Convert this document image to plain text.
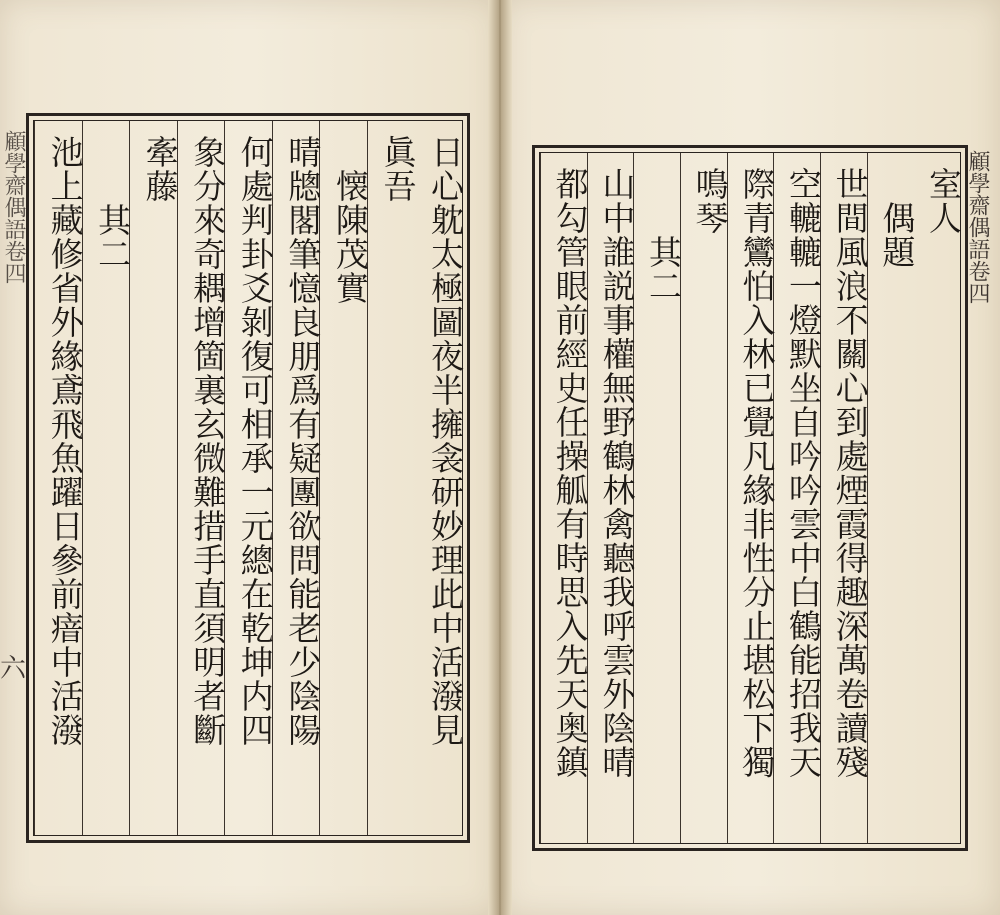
顧學齋偶語卷四
六	日心躭太極圖夜半擁衾研妙理此中活潑見
眞吾
　懐陳茂實
晴牕閣筆憶良朋爲有疑團欲問能老少陰陽
何處判卦爻剝復可相承一元總在乾坤内四
象分來奇耦增箇裏玄微難措手直須明者斷
牽藤
　　其二
池上藏修省外緣鳶飛魚躍日參前瘖中活潑	室人
　偶題
世間風浪不關心到處煙霞得趣深萬卷讀殘
空轆轆一燈默坐自吟吟雲中白鶴能招我天
際青鸞怕入林已覺凡緣非性分止堪松下獨
鳴琴
　　其二
山中誰説事權無野鶴林禽聽我呼雲外陰晴
都勾管眼前經史任操觚有時思入先天奥鎮	顧學齋偶語卷四
